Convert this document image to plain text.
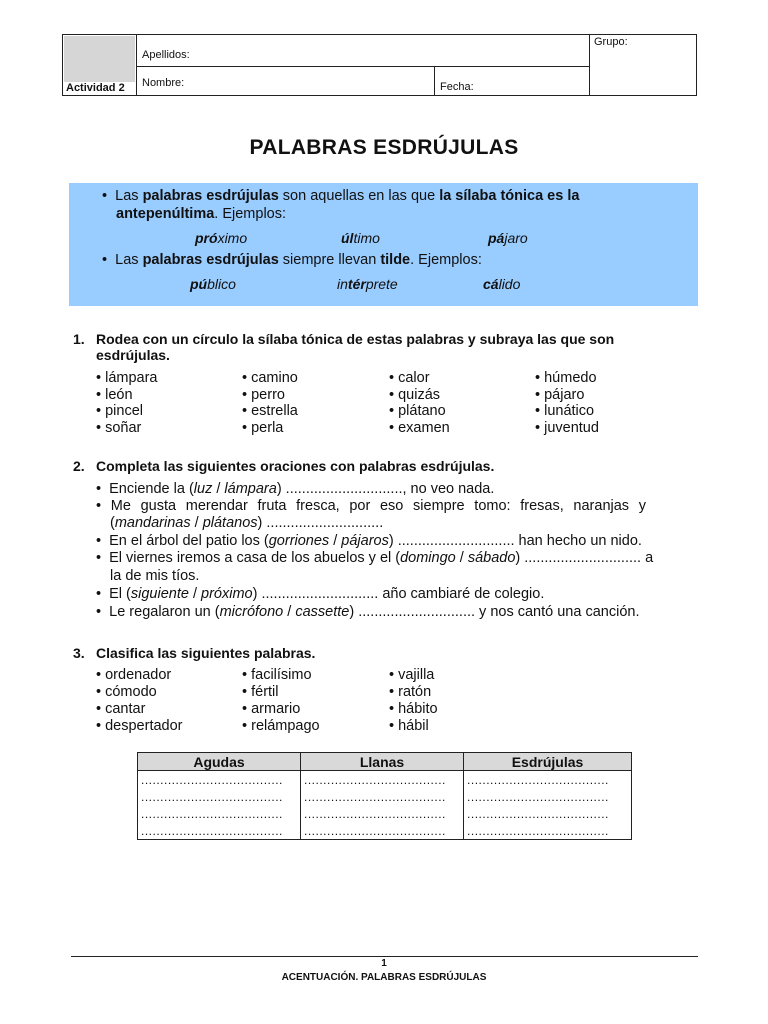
Actividad 2
Apellidos:
Nombre:	Fecha:
Grupo:
PALABRAS ESDRÚJULAS
• Las palabras esdrújulas son aquellas en las que la sílaba tónica es la
antepenúltima. Ejemplos:
próximo	último	pájaro
• Las palabras esdrújulas siempre llevan tilde. Ejemplos:
público	intérprete	cálido
1. Rodea con un círculo la sílaba tónica de estas palabras y subraya las que son
esdrújulas.
• lámpara
• león
• pincel
• soñar
• camino
• perro
• estrella
• perla
• calor
• quizás
• plátano
• examen
• húmedo
• pájaro
• lunático
• juventud
2. Completa las siguientes oraciones con palabras esdrújulas.
•  Enciende la (luz / lámpara) ............................., no veo nada.
• Me gusta merendar fruta fresca, por eso siempre tomo: fresas, naranjas y
(mandarinas / plátanos) .............................
•  En el árbol del patio los (gorriones / pájaros) ............................. han hecho un nido.
•  El viernes iremos a casa de los abuelos y el (domingo / sábado) ............................. a
la de mis tíos.
•  El (siguiente / próximo) ............................. año cambiaré de colegio.
•  Le regalaron un (micrófono / cassette) ............................. y nos cantó una canción.
3. Clasifica las siguientes palabras.
• ordenador
• cómodo
• cantar
• despertador
• facilísimo
• fértil
• armario
• relámpago
• vajilla
• ratón
• hábito
• hábil
Agudas	Llanas	Esdrújulas
.....................................	.....................................	.....................................
.....................................	.....................................	.....................................
.....................................	.....................................	.....................................
.....................................	.....................................	.....................................
1
ACENTUACIÓN. PALABRAS ESDRÚJULAS
